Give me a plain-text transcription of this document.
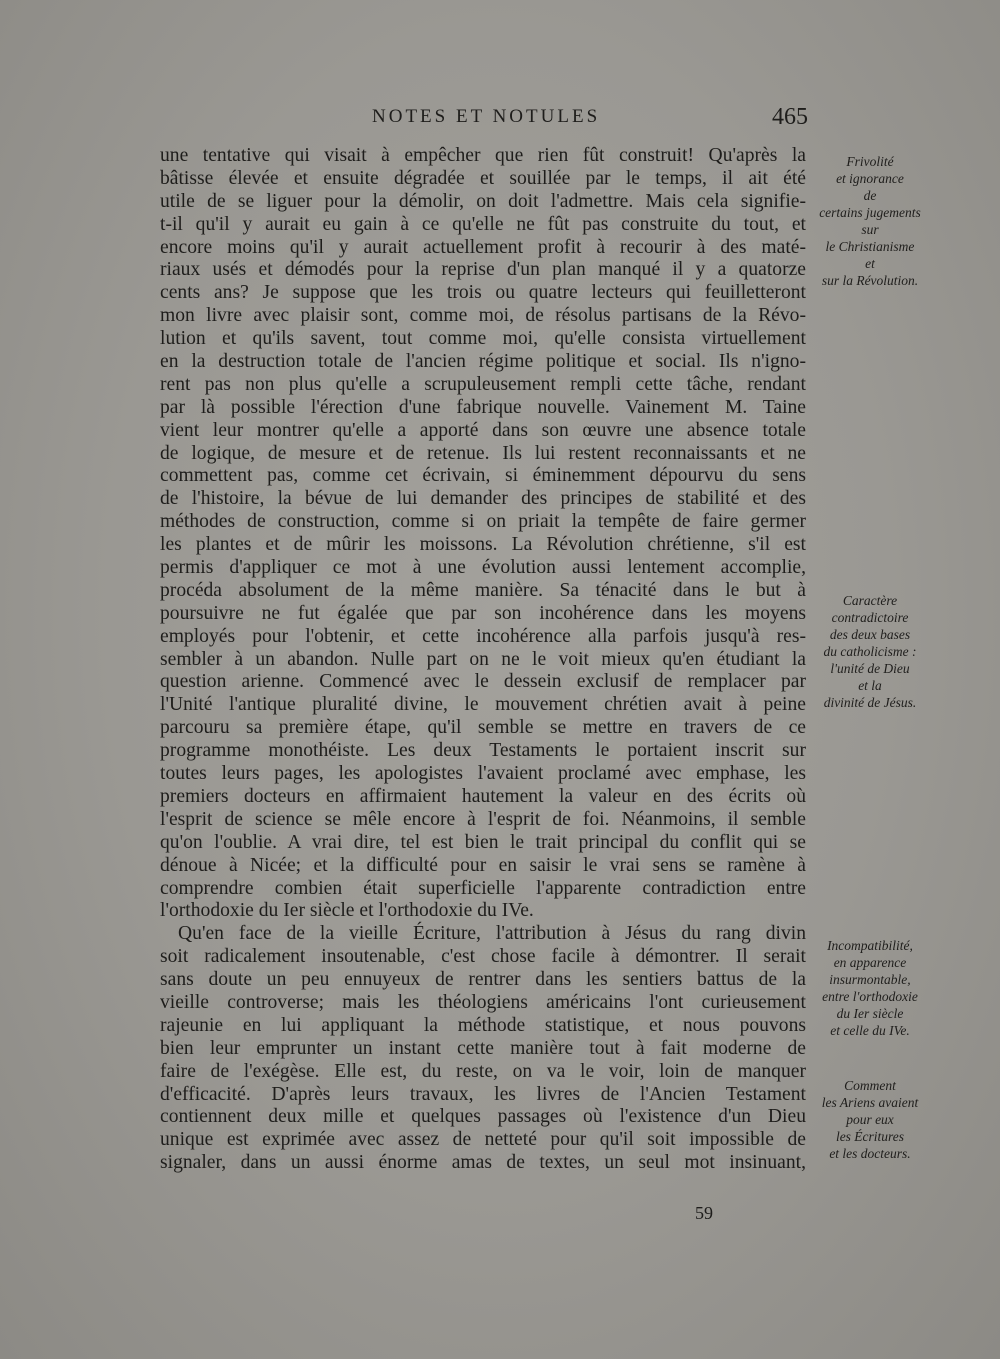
NOTES ET NOTULES	465
une tentative qui visait à empêcher que rien fût construit! Qu'après la
bâtisse élevée et ensuite dégradée et souillée par le temps, il ait été
utile de se liguer pour la démolir, on doit l'admettre. Mais cela signifie-
t-il qu'il y aurait eu gain à ce qu'elle ne fût pas construite du tout, et
encore moins qu'il y aurait actuellement profit à recourir à des maté-
riaux usés et démodés pour la reprise d'un plan manqué il y a quatorze
cents ans? Je suppose que les trois ou quatre lecteurs qui feuilletteront
mon livre avec plaisir sont, comme moi, de résolus partisans de la Révo-
lution et qu'ils savent, tout comme moi, qu'elle consista virtuellement
en la destruction totale de l'ancien régime politique et social. Ils n'igno-
rent pas non plus qu'elle a scrupuleusement rempli cette tâche, rendant
par là possible l'érection d'une fabrique nouvelle. Vainement M. Taine
vient leur montrer qu'elle a apporté dans son œuvre une absence totale
de logique, de mesure et de retenue. Ils lui restent reconnaissants et ne
commettent pas, comme cet écrivain, si éminemment dépourvu du sens
de l'histoire, la bévue de lui demander des principes de stabilité et des
méthodes de construction, comme si on priait la tempête de faire germer
les plantes et de mûrir les moissons. La Révolution chrétienne, s'il est
permis d'appliquer ce mot à une évolution aussi lentement accomplie,
procéda absolument de la même manière. Sa ténacité dans le but à
poursuivre ne fut égalée que par son incohérence dans les moyens
employés pour l'obtenir, et cette incohérence alla parfois jusqu'à res-
sembler à un abandon. Nulle part on ne le voit mieux qu'en étudiant la
question arienne. Commencé avec le dessein exclusif de remplacer par
l'Unité l'antique pluralité divine, le mouvement chrétien avait à peine
parcouru sa première étape, qu'il semble se mettre en travers de ce
programme monothéiste. Les deux Testaments le portaient inscrit sur
toutes leurs pages, les apologistes l'avaient proclamé avec emphase, les
premiers docteurs en affirmaient hautement la valeur en des écrits où
l'esprit de science se mêle encore à l'esprit de foi. Néanmoins, il semble
qu'on l'oublie. A vrai dire, tel est bien le trait principal du conflit qui se
dénoue à Nicée; et la difficulté pour en saisir le vrai sens se ramène à
comprendre combien était superficielle l'apparente contradiction entre
l'orthodoxie du Ier siècle et l'orthodoxie du IVe.
Qu'en face de la vieille Écriture, l'attribution à Jésus du rang divin
soit radicalement insoutenable, c'est chose facile à démontrer. Il serait
sans doute un peu ennuyeux de rentrer dans les sentiers battus de la
vieille controverse; mais les théologiens américains l'ont curieusement
rajeunie en lui appliquant la méthode statistique, et nous pouvons
bien leur emprunter un instant cette manière tout à fait moderne de
faire de l'exégèse. Elle est, du reste, on va le voir, loin de manquer
d'efficacité. D'après leurs travaux, les livres de l'Ancien Testament
contiennent deux mille et quelques passages où l'existence d'un Dieu
unique est exprimée avec assez de netteté pour qu'il soit impossible de
signaler, dans un aussi énorme amas de textes, un seul mot insinuant,
Frivolité
et ignorance
de
certains jugements
sur
le Christianisme
et
sur la Révolution.
Caractère
contradictoire
des deux bases
du catholicisme :
l'unité de Dieu
et la
divinité de Jésus.
Incompatibilité,
en apparence
insurmontable,
entre l'orthodoxie
du Ier siècle
et celle du IVe.
Comment
les Ariens avaient
pour eux
les Écritures
et les docteurs.
59
